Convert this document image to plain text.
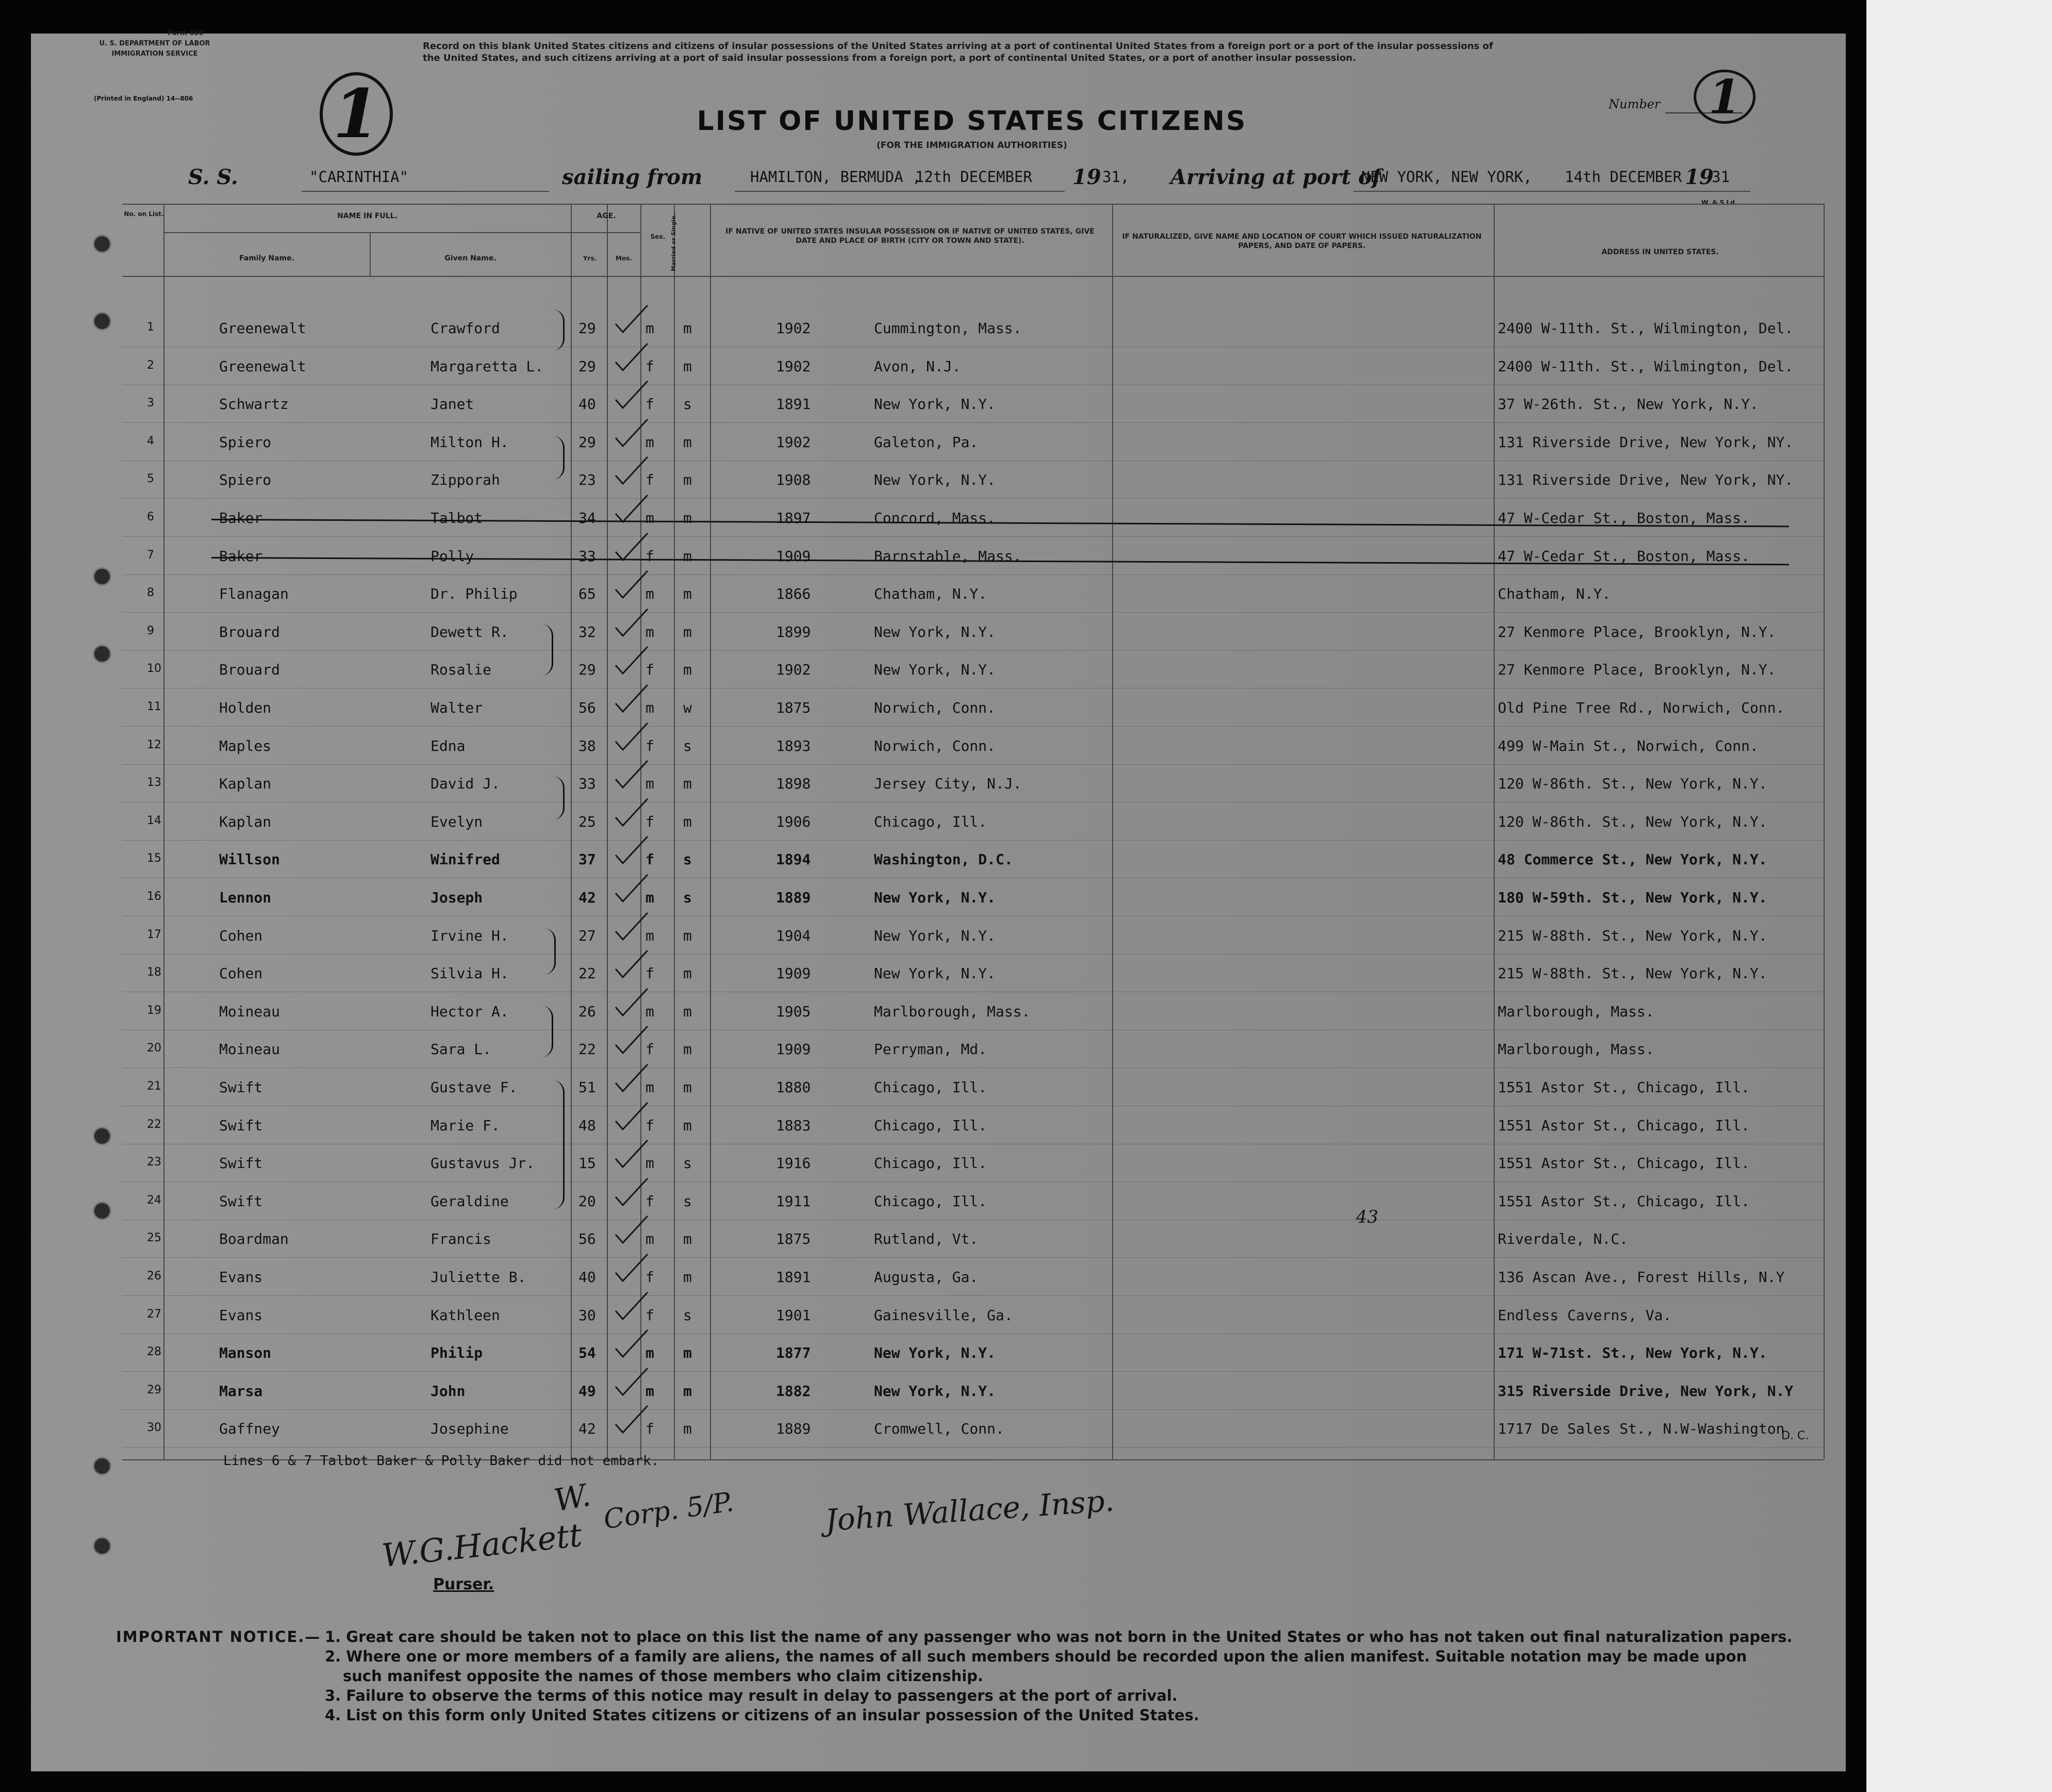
Form 630
U. S. DEPARTMENT OF LABOR
IMMIGRATION SERVICE
(Printed in England) 14--806 1
Record on this blank United States citizens and citizens of insular possessions of the United States arriving at a port of continental United States from a foreign port or a port of the insular possessions of the United States, and such citizens arriving at a port of said insular possessions from a foreign port, a port of continental United States, or a port of another insular possession.
LIST OF UNITED STATES CITIZENS
(FOR THE IMMIGRATION AUTHORITIES)
Number 1
S. S.	"CARINTHIA"	sailing from	HAMILTON, BERMUDA ,
12th DECEMBER 19 31, Arriving at port of
NEW YORK, NEW YORK, 14th DECEMBER 19
31
W. & S Ld.
No. on List.	NAME IN FULL.
Family Name.	Given Name.
AGE.
Yrs.	Mos.
Sex. Married or Single.	IF NATIVE OF UNITED STATES INSULAR POSSESSION OR IF NATIVE OF UNITED STATES, GIVE DATE AND PLACE OF BIRTH (CITY OR TOWN AND STATE).	IF NATURALIZED, GIVE NAME AND LOCATION OF COURT WHICH ISSUED NATURALIZATION PAPERS, AND DATE OF PAPERS.
ADDRESS IN UNITED STATES.
1	Greenewalt	Crawford	29	m m	1902	Cummington, Mass.	2400 W-11th. St., Wilmington, Del.
2	Greenewalt	Margaretta L. 29	f m	1902	Avon, N.J.	2400 W-11th. St., Wilmington, Del.
3	Schwartz	Janet	40	f s	1891	New York, N.Y.	37 W-26th. St., New York, N.Y.
4	Spiero	Milton H.	29	m m	1902	Galeton, Pa.	131 Riverside Drive, New York, NY.
5	Spiero	Zipporah	23	f m	1908	New York, N.Y.	131 Riverside Drive, New York, NY.
6	Baker	Talbot	34	m m	1897	Concord, Mass.	47 W-Cedar St., Boston, Mass.
7	Baker	Polly	33	f m	1909	Barnstable, Mass.	47 W-Cedar St., Boston, Mass.
8	Flanagan	Dr. Philip	65	m m	1866	Chatham, N.Y.	Chatham, N.Y.
9	Brouard	Dewett R.	32	m m	1899	New York, N.Y.	27 Kenmore Place, Brooklyn, N.Y.
10	Brouard	Rosalie	29	f m	1902	New York, N.Y.	27 Kenmore Place, Brooklyn, N.Y.
11	Holden	Walter	56	m w	1875	Norwich, Conn.	Old Pine Tree Rd., Norwich, Conn.
12	Maples	Edna	38	f s	1893	Norwich, Conn.	499 W-Main St., Norwich, Conn.
13	Kaplan	David J.	33	m m	1898	Jersey City, N.J.	120 W-86th. St., New York, N.Y.
14	Kaplan	Evelyn	25	f m	1906	Chicago, Ill.	120 W-86th. St., New York, N.Y.
15	Willson	Winifred	37	f s	1894	Washington, D.C.	48 Commerce St., New York, N.Y.
16	Lennon	Joseph	42	m s	1889	New York, N.Y.	180 W-59th. St., New York, N.Y.
17	Cohen	Irvine H.	27	m m	1904	New York, N.Y.	215 W-88th. St., New York, N.Y.
18	Cohen	Silvia H.	22	f m	1909	New York, N.Y.	215 W-88th. St., New York, N.Y.
19	Moineau	Hector A.	26	m m	1905	Marlborough, Mass.	Marlborough, Mass.
20	Moineau	Sara L.	22	f m	1909	Perryman, Md.	Marlborough, Mass.
21	Swift	Gustave F.	51	m m	1880	Chicago, Ill.	1551 Astor St., Chicago, Ill.
22	Swift	Marie F.	48	f m	1883	Chicago, Ill.	1551 Astor St., Chicago, Ill.
23	Swift	Gustavus Jr.	15	m s	1916	Chicago, Ill.	1551 Astor St., Chicago, Ill.
24	Swift	Geraldine	20	f s	1911	Chicago, Ill.	1551 Astor St., Chicago, Ill.
25	Boardman	Francis	56	m m	1875	Rutland, Vt.	Riverdale, N.C.
26	Evans	Juliette B.	40	f m	1891	Augusta, Ga.	136 Ascan Ave., Forest Hills, N.Y
27	Evans	Kathleen	30	f s	1901	Gainesville, Ga.	Endless Caverns, Va.
28	Manson	Philip	54	m m	1877	New York, N.Y.	171 W-71st. St., New York, N.Y.
29	Marsa	John	49	m m	1882	New York, N.Y.	315 Riverside Drive, New York, N.Y
30	Gaffney	Josephine	42	f m	1889	Cromwell, Conn.	1717 De Sales St., N.W-Washington
43
D. C.
Lines 6 & 7 Talbot Baker & Polly Baker did not embark.
W.G.Hackett
Purser.
W. Corp. 5/P.	John Wallace, Insp.
IMPORTANT NOTICE.— 1. Great care should be taken not to place on this list the name of any passenger who was not born in the United States or who has not taken out final naturalization papers.
2. Where one or more members of a family are aliens, the names of all such members should be recorded upon the alien manifest. Suitable notation may be made upon
such manifest opposite the names of those members who claim citizenship.
3. Failure to observe the terms of this notice may result in delay to passengers at the port of arrival.
4. List on this form only United States citizens or citizens of an insular possession of the United States.
